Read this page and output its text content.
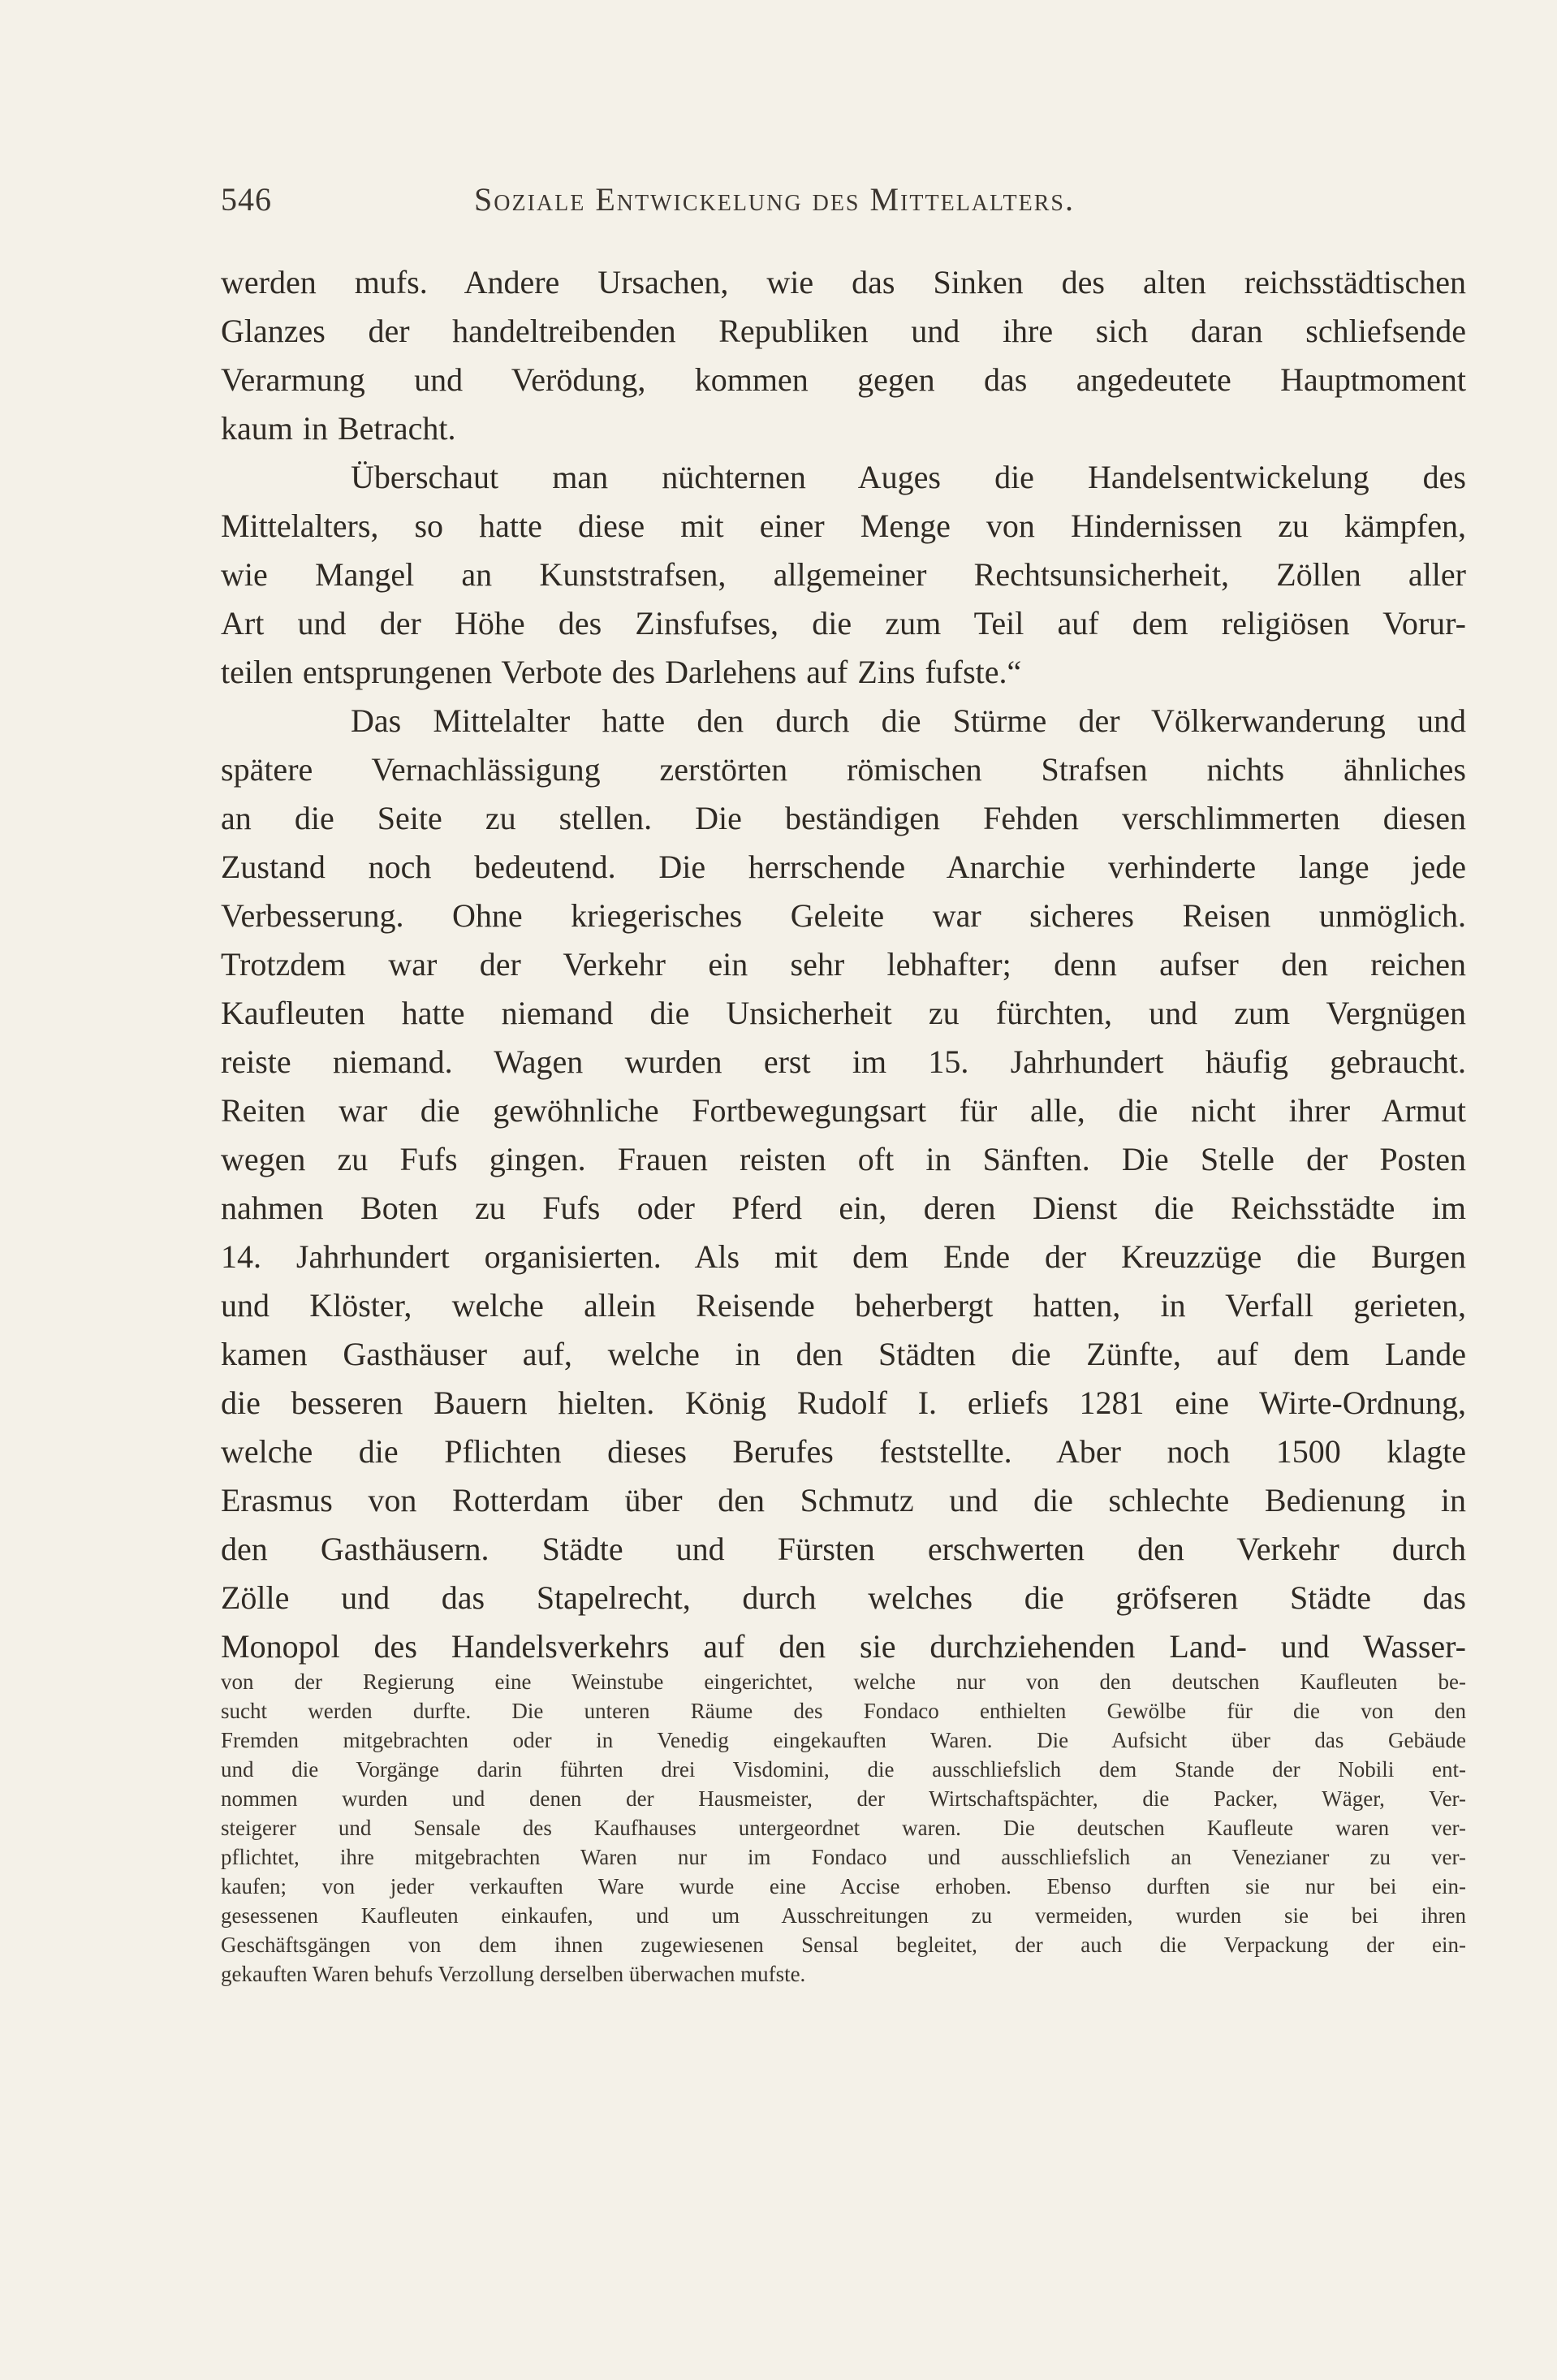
546	Soziale Entwickelung des Mittelalters.
werden mufs. Andere Ursachen, wie das Sinken des alten reichsstädtischen
Glanzes der handeltreibenden Republiken und ihre sich daran schliefsende
Verarmung und Verödung, kommen gegen das angedeutete Hauptmoment
kaum in Betracht.
Überschaut man nüchternen Auges die Handelsentwickelung des
Mittelalters, so hatte diese mit einer Menge von Hindernissen zu kämpfen,
wie Mangel an Kunststrafsen, allgemeiner Rechtsunsicherheit, Zöllen aller
Art und der Höhe des Zinsfufses, die zum Teil auf dem religiösen Vorur-
teilen entsprungenen Verbote des Darlehens auf Zins fufste.“
Das Mittelalter hatte den durch die Stürme der Völkerwanderung und
spätere Vernachlässigung zerstörten römischen Strafsen nichts ähnliches
an die Seite zu stellen. Die beständigen Fehden verschlimmerten diesen
Zustand noch bedeutend. Die herrschende Anarchie verhinderte lange jede
Verbesserung. Ohne kriegerisches Geleite war sicheres Reisen unmöglich.
Trotzdem war der Verkehr ein sehr lebhafter; denn aufser den reichen
Kaufleuten hatte niemand die Unsicherheit zu fürchten, und zum Vergnügen
reiste niemand. Wagen wurden erst im 15. Jahrhundert häufig gebraucht.
Reiten war die gewöhnliche Fortbewegungsart für alle, die nicht ihrer Armut
wegen zu Fufs gingen. Frauen reisten oft in Sänften. Die Stelle der Posten
nahmen Boten zu Fufs oder Pferd ein, deren Dienst die Reichsstädte im
14. Jahrhundert organisierten. Als mit dem Ende der Kreuzzüge die Burgen
und Klöster, welche allein Reisende beherbergt hatten, in Verfall gerieten,
kamen Gasthäuser auf, welche in den Städten die Zünfte, auf dem Lande
die besseren Bauern hielten. König Rudolf I. erliefs 1281 eine Wirte-Ordnung,
welche die Pflichten dieses Berufes feststellte. Aber noch 1500 klagte
Erasmus von Rotterdam über den Schmutz und die schlechte Bedienung in
den Gasthäusern. Städte und Fürsten erschwerten den Verkehr durch
Zölle und das Stapelrecht, durch welches die gröfseren Städte das
Monopol des Handelsverkehrs auf den sie durchziehenden Land- und Wasser-
von der Regierung eine Weinstube eingerichtet, welche nur von den deutschen Kaufleuten be-
sucht werden durfte. Die unteren Räume des Fondaco enthielten Gewölbe für die von den
Fremden mitgebrachten oder in Venedig eingekauften Waren. Die Aufsicht über das Gebäude
und die Vorgänge darin führten drei Visdomini, die ausschliefslich dem Stande der Nobili ent-
nommen wurden und denen der Hausmeister, der Wirtschaftspächter, die Packer, Wäger, Ver-
steigerer und Sensale des Kaufhauses untergeordnet waren. Die deutschen Kaufleute waren ver-
pflichtet, ihre mitgebrachten Waren nur im Fondaco und ausschliefslich an Venezianer zu ver-
kaufen; von jeder verkauften Ware wurde eine Accise erhoben. Ebenso durften sie nur bei ein-
gesessenen Kaufleuten einkaufen, und um Ausschreitungen zu vermeiden, wurden sie bei ihren
Geschäftsgängen von dem ihnen zugewiesenen Sensal begleitet, der auch die Verpackung der ein-
gekauften Waren behufs Verzollung derselben überwachen mufste.
